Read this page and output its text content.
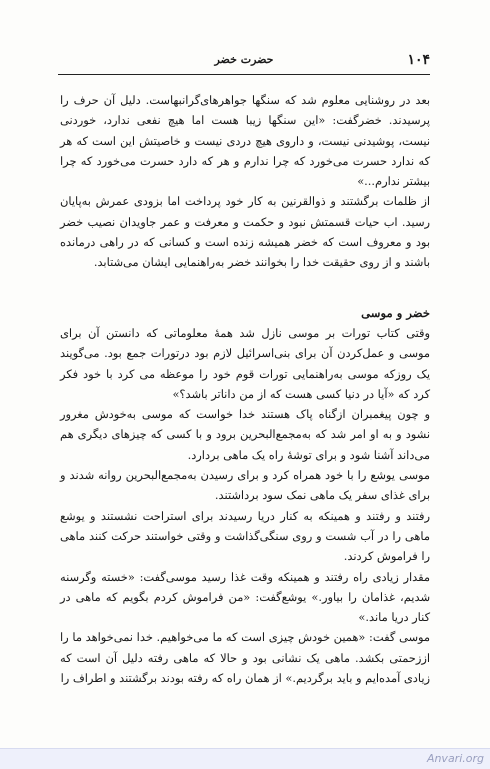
۱۰۴
حضرت خضر

بعد در روشنایی معلوم شد که سنگها جواهرهای‌گرانبهاست. دلیل آن حرف را پرسیدند. خضرگفت: «این سنگها زیبا هست اما هیچ نفعی ندارد، خوردنی نیست، پوشیدنی نیست، و داروی هیچ دردی نیست و خاصیتش این است که هر که ندارد حسرت می‌خورد که چرا ندارم و هر که دارد حسرت می‌خورد که چرا بیشتر ندارم...»

از ظلمات برگشتند و ذوالقرنین به کار خود پرداخت اما بزودی عمرش به‌پایان رسید. اب حیات قسمتش نبود و حکمت و معرفت و عمر جاویدان نصیب خضر بود و معروف است که خضر همیشه زنده است و کسانی که در راهی درمانده باشند و از روی حقیقت خدا را بخوانند خضر به‌راهنمایی ایشان می‌شتابد.

خضر و موسی

وقتی کتاب تورات بر موسی نازل شد همهٔ معلوماتی که دانستن آن برای موسی و عمل‌کردن آن برای بنی‌اسرائیل لازم بود درتورات جمع بود. می‌گویند یک روزکه موسی به‌راهنمایی تورات قوم خود را موعظه می کرد با خود فکر کرد که «آیا در دنیا کسی هست که از من داناتر باشد؟»

و چون پیغمبران از‌گناه پاک هستند خدا خواست که موسی به‌خودش مغرور نشود و به او امر شد که به‌مجمع‌البحرین برود و با کسی که چیزهای دیگری هم می‌داند آشنا شود و برای توشهٔ راه یک ماهی بردارد.

موسی یوشع را با خود همراه کرد و برای رسیدن به‌مجمع‌البحرین روانه شدند و برای غذای سفر یک ماهی نمک سود برداشتند.

رفتند و رفتند و همینکه به کنار دریا رسیدند برای استراحت نشستند و یوشع ماهی را در آب شست و روی سنگی‌گذاشت و وقتی خواستند حرکت کنند ماهی را فراموش کردند.

مقدار زیادی راه رفتند و همینکه وقت غذا رسید موسی‌گفت: «خسته وگرسنه شدیم، غذامان را بیاور.» یوشع‌گفت: «من فراموش کردم بگویم که ماهی در کنار دریا ماند.»

موسی گفت: «همین خودش چیزی است که ما می‌خواهیم. خدا نمی‌خواهد ما را از‌زحمتی بکشد. ماهی یک نشانی بود و حالا که ماهی رفته دلیل آن است که زیادی آمده‌ایم و باید برگردیم.» از همان راه که رفته بودند برگشتند و اطراف را

Anvari.org
